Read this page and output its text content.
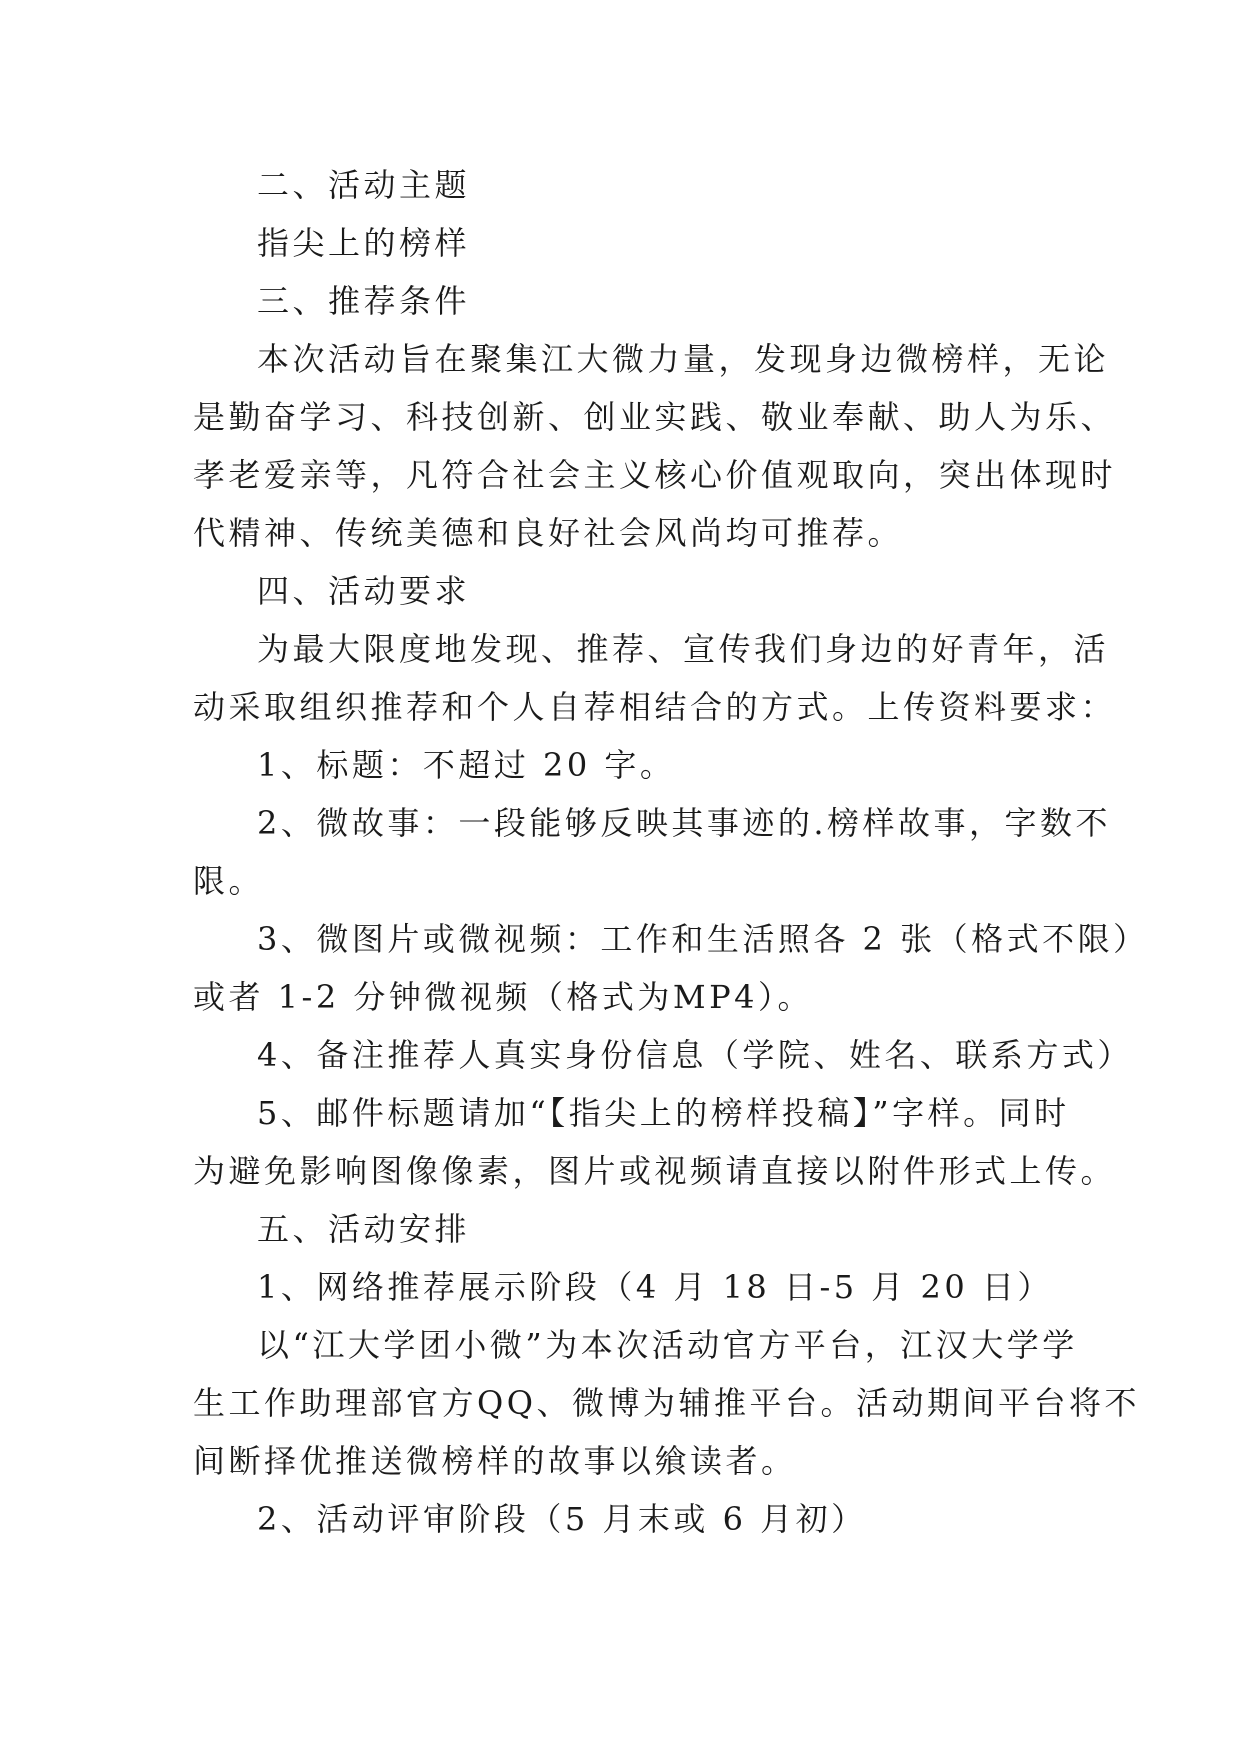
二、活动主题
指尖上的榜样
三、推荐条件
本次活动旨在聚集江大微力量，发现身边微榜样，无论
是勤奋学习、科技创新、创业实践、敬业奉献、助人为乐、
孝老爱亲等，凡符合社会主义核心价值观取向，突出体现时
代精神、传统美德和良好社会风尚均可推荐。
四、活动要求
为最大限度地发现、推荐、宣传我们身边的好青年，活
动采取组织推荐和个人自荐相结合的方式。上传资料要求：
1、标题：不超过 20 字。
2、微故事：一段能够反映其事迹的.榜样故事，字数不
限。
3、微图片或微视频：工作和生活照各 2 张（格式不限）
或者 1-2 分钟微视频（格式为MP4）。
4、备注推荐人真实身份信息（学院、姓名、联系方式）
5、邮件标题请加“【指尖上的榜样投稿】”字样。同时
为避免影响图像像素，图片或视频请直接以附件形式上传。
五、活动安排
1、网络推荐展示阶段（4 月 18 日-5 月 20 日）
以“江大学团小微”为本次活动官方平台，江汉大学学
生工作助理部官方QQ、微博为辅推平台。活动期间平台将不
间断择优推送微榜样的故事以飨读者。
2、活动评审阶段（5 月末或 6 月初）
